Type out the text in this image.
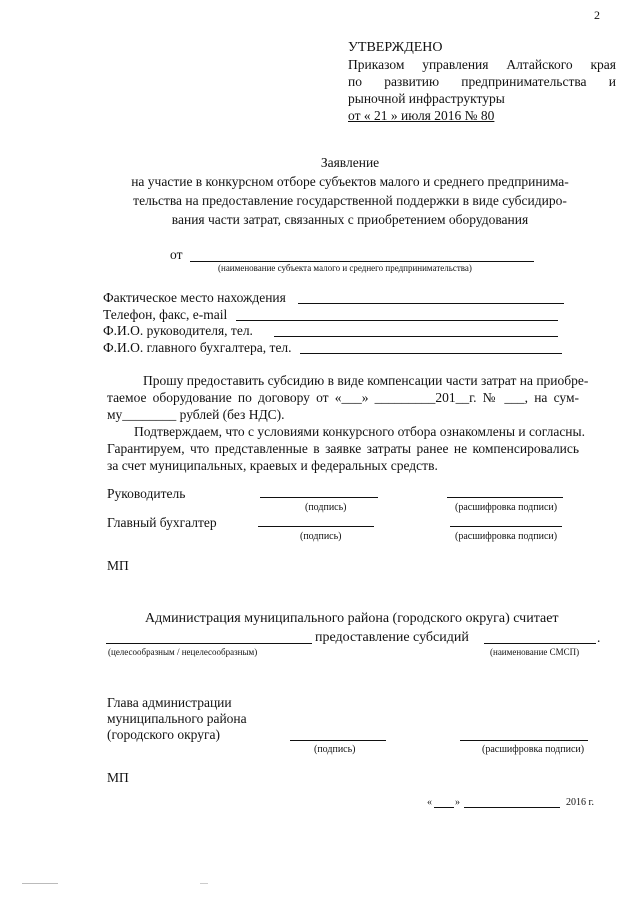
2
УТВЕРЖДЕНО
Приказом управления Алтайского края
по развитию предпринимательства и
рыночной инфраструктуры
от « 21 » июля 2016 № 80
Заявление
на участие в конкурсном отборе субъектов малого и среднего предпринима-
тельства на предоставление государственной поддержки в виде субсидиро-
вания части затрат, связанных с приобретением оборудования
от
(наименование субъекта малого и среднего предпринимательства)
Фактическое место нахождения
Телефон, факс, e-mail
Ф.И.О. руководителя, тел.
Ф.И.О. главного бухгалтера, тел.
Прошу предоставить субсидию в виде компенсации части затрат на приобре-
таемое оборудование по договору от «___» _________201__г. № ___, на сум-
му________ рублей (без НДС).
Подтверждаем, что с условиями конкурсного отбора ознакомлены и согласны.
Гарантируем, что представленные в заявке затраты ранее не компенсировались
за счет муниципальных, краевых и федеральных средств.
Руководитель
(подпись)	(расшифровка подписи)
Главный бухгалтер
(подпись)	(расшифровка подписи)
МП
Администрация муниципального района (городского округа) считает
предоставление субсидий	.
(целесообразным / нецелесообразным)	(наименование СМСП)
Глава администрации
муниципального района
(городского округа)
(подпись)	(расшифровка подписи)
МП
« »	2016 г.
